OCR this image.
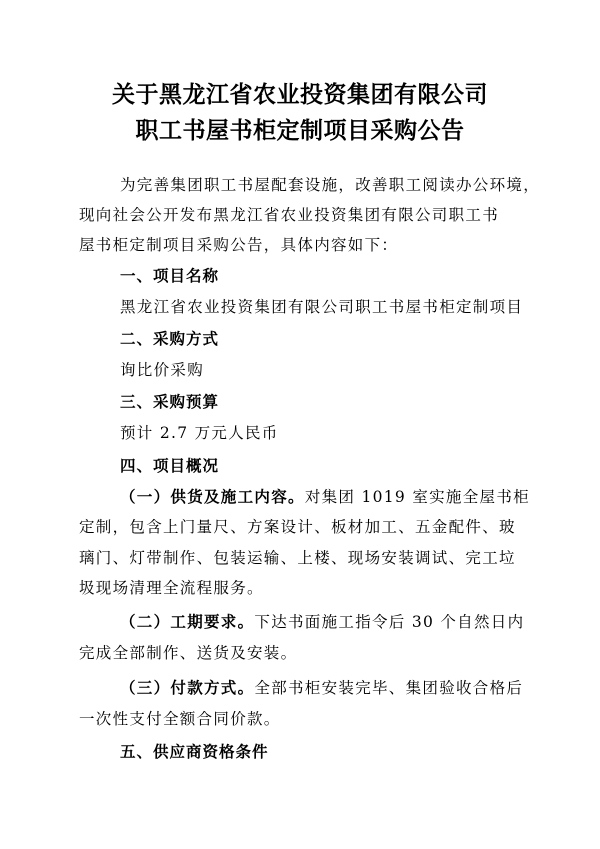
关于黑龙江省农业投资集团有限公司
职工书屋书柜定制项目采购公告
为完善集团职工书屋配套设施，改善职工阅读办公环境，
现向社会公开发布黑龙江省农业投资集团有限公司职工书
屋书柜定制项目采购公告，具体内容如下：
一、项目名称
黑龙江省农业投资集团有限公司职工书屋书柜定制项目
二、采购方式
询比价采购
三、采购预算
预计 2.7 万元人民币
四、项目概况
（一）供货及施工内容。对集团 1019 室实施全屋书柜
定制，包含上门量尺、方案设计、板材加工、五金配件、玻
璃门、灯带制作、包装运输、上楼、现场安装调试、完工垃
圾现场清理全流程服务。
（二）工期要求。下达书面施工指令后 30 个自然日内
完成全部制作、送货及安装。
（三）付款方式。全部书柜安装完毕、集团验收合格后
一次性支付全额合同价款。
五、供应商资格条件
